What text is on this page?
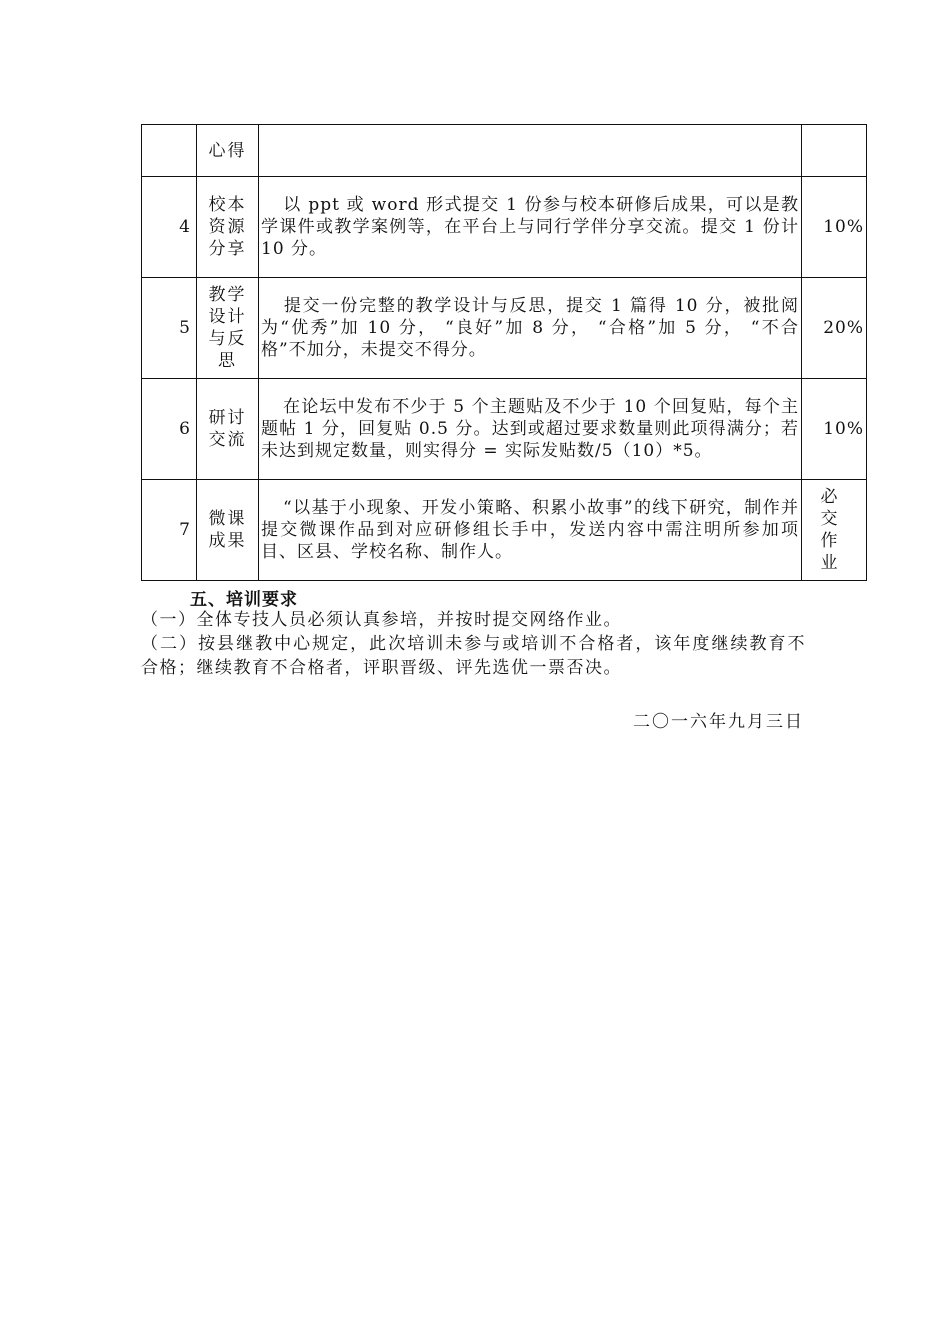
	心得		

4	校本资源分享	以 ppt 或 word 形式提交 1 份参与校本研修后成果，可以是教学课件或教学案例等，在平台上与同行学伴分享交流。提交 1 份计 10 分。	10%
5	教学设计与反思	提交一份完整的教学设计与反思，提交 1 篇得 10 分，被批阅为“优秀”加 10 分， “良好”加 8 分， “合格”加 5 分， “不合格”不加分，未提交不得分。	20%
6	研讨交流	在论坛中发布不少于 5 个主题贴及不少于 10 个回复贴，每个主题帖 1 分，回复贴 0.5 分。达到或超过要求数量则此项得满分；若未达到规定数量，则实得分 = 实际发贴数/5（10）*5。	10%
7	微课成果	“以基于小现象、开发小策略、积累小故事”的线下研究，制作并提交微课作品到对应研修组长手中，发送内容中需注明所参加项目、区县、学校名称、制作人。	必交作业
五、培训要求
（一）全体专技人员必须认真参培，并按时提交网络作业。
（二）按县继教中心规定，此次培训未参与或培训不合格者，该年度继续教育不合格；继续教育不合格者，评职晋级、评先选优一票否决。
二〇一六年九月三日
